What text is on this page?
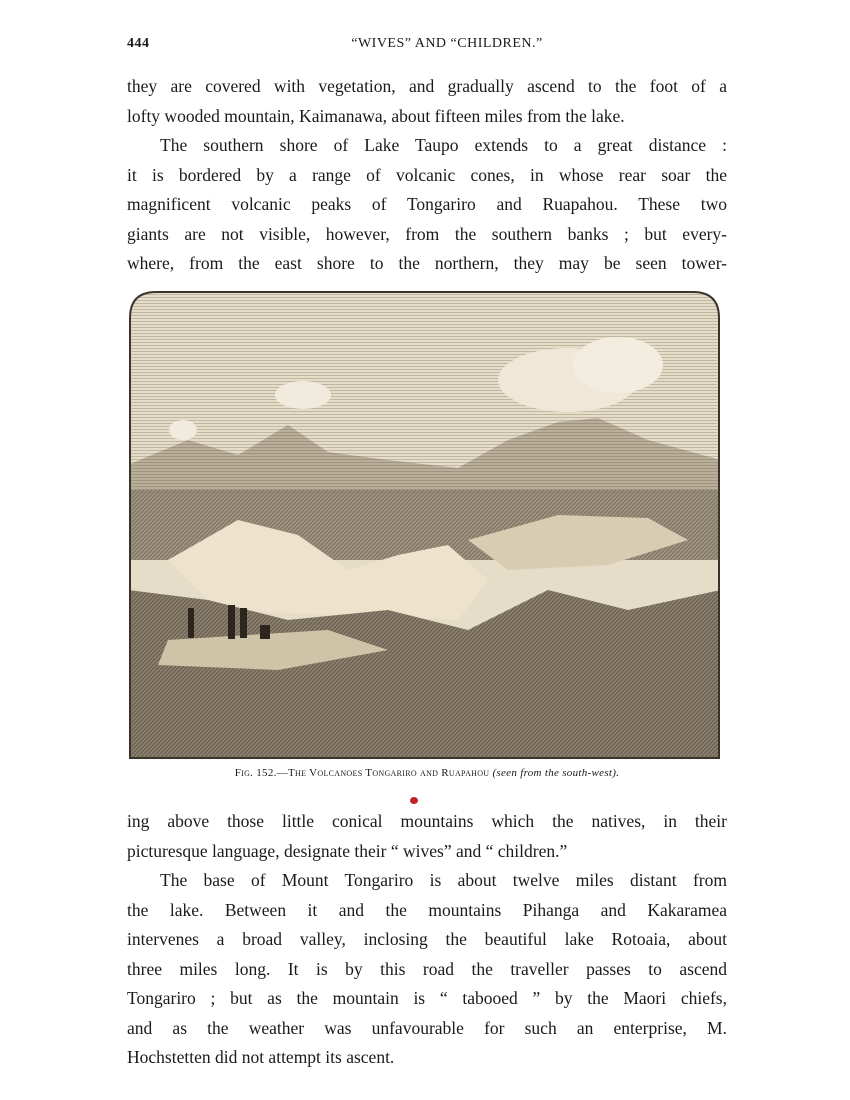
444	“WIVES” AND “CHILDREN.”

they are covered with vegetation, and gradually ascend to the foot of a
lofty wooded mountain, Kaimanawa, about fifteen miles from the lake.

The southern shore of Lake Taupo extends to a great distance :
it is bordered by a range of volcanic cones, in whose rear soar the
magnificent volcanic peaks of Tongariro and Ruapahou. These two
giants are not visible, however, from the southern banks ; but every-
where, from the east shore to the northern, they may be seen tower-

Fig. 152.—The Volcanoes Tongariro and Ruapahou (seen from the south-west).

ing above those little conical mountains which the natives, in their
picturesque language, designate their “ wives” and “ children.”

The base of Mount Tongariro is about twelve miles distant from
the lake. Between it and the mountains Pihanga and Kakaramea
intervenes a broad valley, inclosing the beautiful lake Rotoaia, about
three miles long. It is by this road the traveller passes to ascend
Tongariro ; but as the mountain is “ tabooed ” by the Maori chiefs,
and as the weather was unfavourable for such an enterprise, M.
Hochstetten did not attempt its ascent.
